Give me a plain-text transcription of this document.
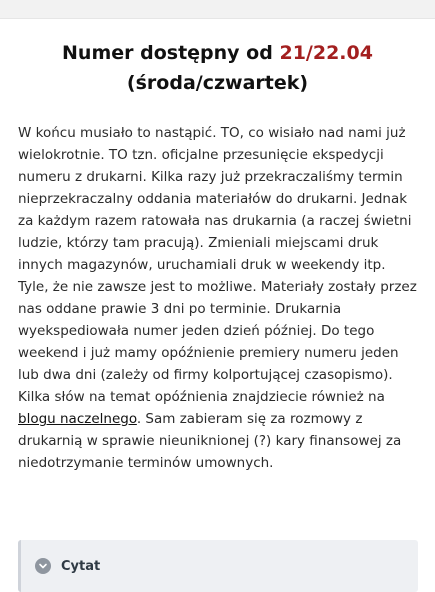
Numer dostępny od 21/22.04
(środa/czwartek)

W końcu musiało to nastąpić. TO, co wisiało nad nami już wielokrotnie. TO tzn. oficjalne przesunięcie ekspedycji numeru z drukarni. Kilka razy już przekraczaliśmy termin nieprzekraczalny oddania materiałów do drukarni. Jednak za każdym razem ratowała nas drukarnia (a raczej świetni ludzie, którzy tam pracują). Zmieniali miejscami druk innych magazynów, uruchamiali druk w weekendy itp. Tyle, że nie zawsze jest to możliwe. Materiały zostały przez nas oddane prawie 3 dni po terminie. Drukarnia wyekspediowała numer jeden dzień później. Do tego weekend i już mamy opóźnienie premiery numeru jeden lub dwa dni (zależy od firmy kolportującej czasopismo). Kilka słów na temat opóźnienia znajdziecie również na blogu naczelnego. Sam zabieram się za rozmowy z drukarnią w sprawie nieuniknionej (?) kary finansowej za niedotrzymanie terminów umownych.

Cytat
